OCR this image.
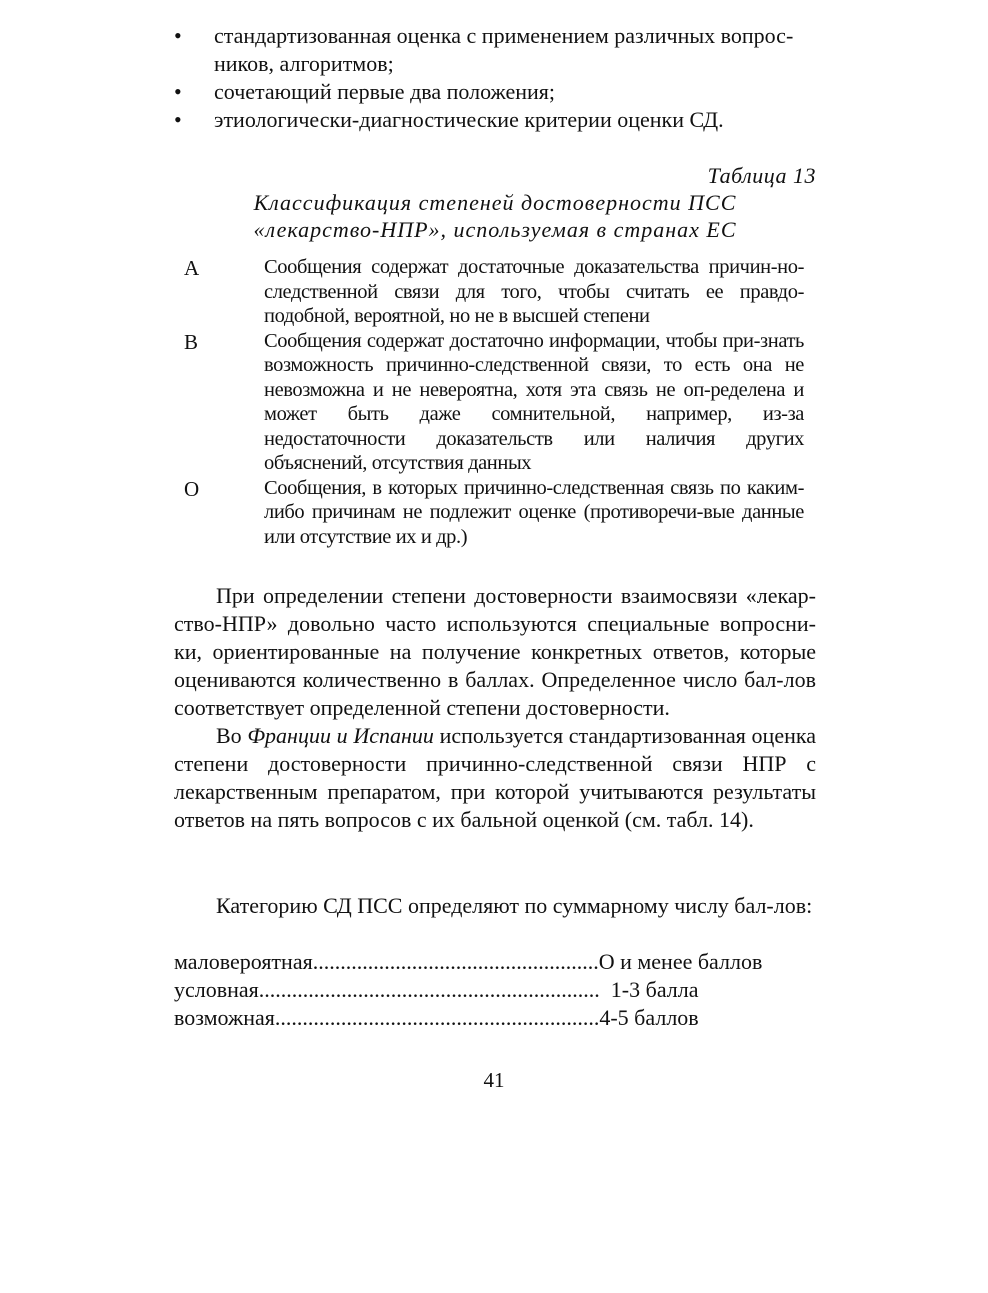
• стандартизованная оценка с применением различных вопрос-ников, алгоритмов;
• сочетающий первые два положения;
• этиологически-диагностические критерии оценки СД.
Таблица 13
Классификация степеней достоверности ПСС
«лекарство-НПР», используемая в странах ЕС
А	Сообщения содержат достаточные доказательства причин-но-следственной связи для того, чтобы считать ее правдо-подобной, вероятной, но не в высшей степени
В	Сообщения содержат достаточно информации, чтобы при-знать возможность причинно-следственной связи, то есть она не невозможна и не невероятна, хотя эта связь не оп-ределена и может быть даже сомнительной, например, из-за недостаточности доказательств или наличия других объяснений, отсутствия данных
О	Сообщения, в которых причинно-следственная связь по каким-либо причинам не подлежит оценке (противоречи-вые данные или отсутствие их и др.)
При определении степени достоверности взаимосвязи «лекар-ство-НПР» довольно часто используются специальные вопросни-ки, ориентированные на получение конкретных ответов, которые оцениваются количественно в баллах. Определенное число бал-лов соответствует определенной степени достоверности.
Во Франции и Испании используется стандартизованная оценка степени достоверности причинно-следственной связи НПР с лекарственным препаратом, при которой учитываются результаты ответов на пять вопросов с их бальной оценкой (см. табл. 14).
Категорию СД ПСС определяют по суммарному числу бал-лов:
маловероятная .................................................... О и менее баллов
условная .............................................................. 1-3 балла
возможная ........................................................... 4-5 баллов
41
